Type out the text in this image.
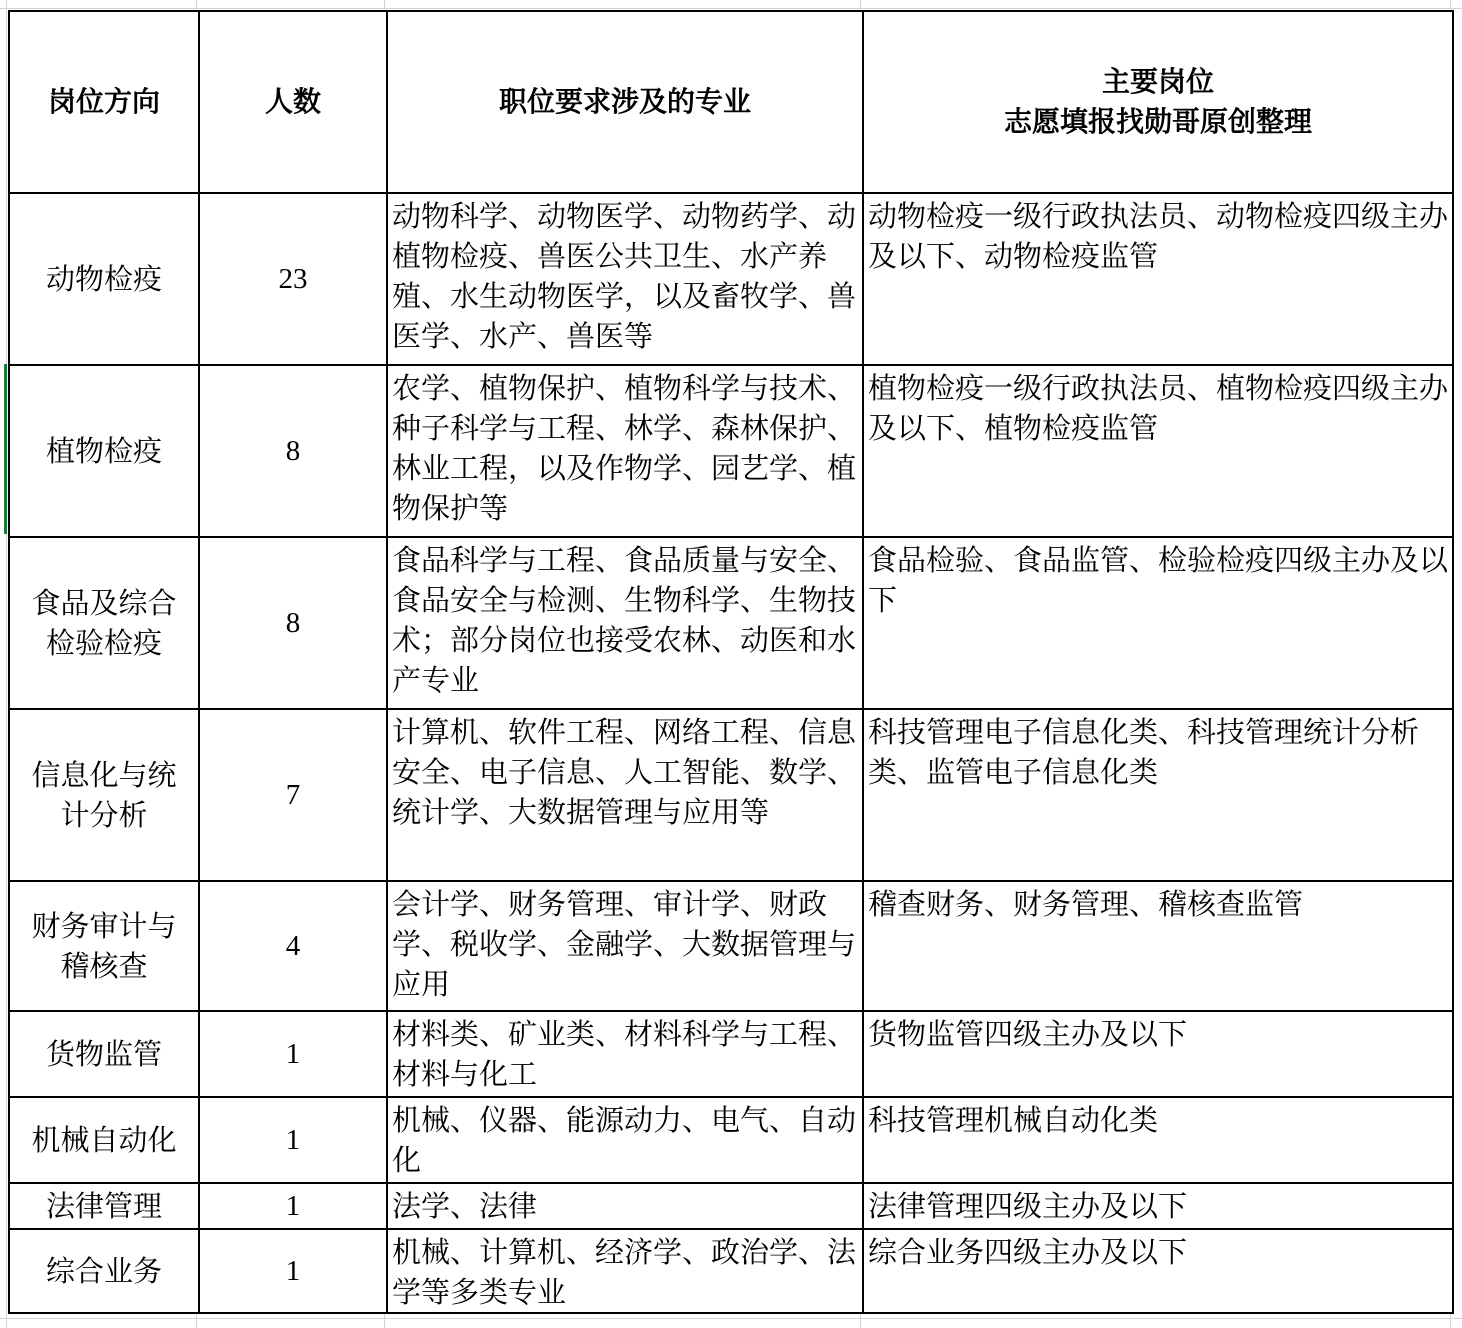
岗位方向	人数	职位要求涉及的专业	主要岗位
志愿填报找勋哥原创整理

动物检疫	23	动物科学、动物医学、动物药学、动植物检疫、兽医公共卫生、水产养殖、水生动物医学，以及畜牧学、兽医学、水产、兽医等	动物检疫一级行政执法员、动物检疫四级主办及以下、动物检疫监管

植物检疫	8	农学、植物保护、植物科学与技术、种子科学与工程、林学、森林保护、林业工程，以及作物学、园艺学、植物保护等	植物检疫一级行政执法员、植物检疫四级主办及以下、植物检疫监管

食品及综合
检验检疫	8	食品科学与工程、食品质量与安全、食品安全与检测、生物科学、生物技术；部分岗位也接受农林、动医和水产专业	食品检验、食品监管、检验检疫四级主办及以下

信息化与统
计分析	7	计算机、软件工程、网络工程、信息安全、电子信息、人工智能、数学、统计学、大数据管理与应用等	科技管理电子信息化类、科技管理统计分析类、监管电子信息化类

财务审计与
稽核查	4	会计学、财务管理、审计学、财政学、税收学、金融学、大数据管理与应用	稽查财务、财务管理、稽核查监管

货物监管	1	材料类、矿业类、材料科学与工程、材料与化工	货物监管四级主办及以下

机械自动化	1	机械、仪器、能源动力、电气、自动化	科技管理机械自动化类

法律管理	1	法学、法律	法律管理四级主办及以下

综合业务	1	机械、计算机、经济学、政治学、法学等多类专业	综合业务四级主办及以下
